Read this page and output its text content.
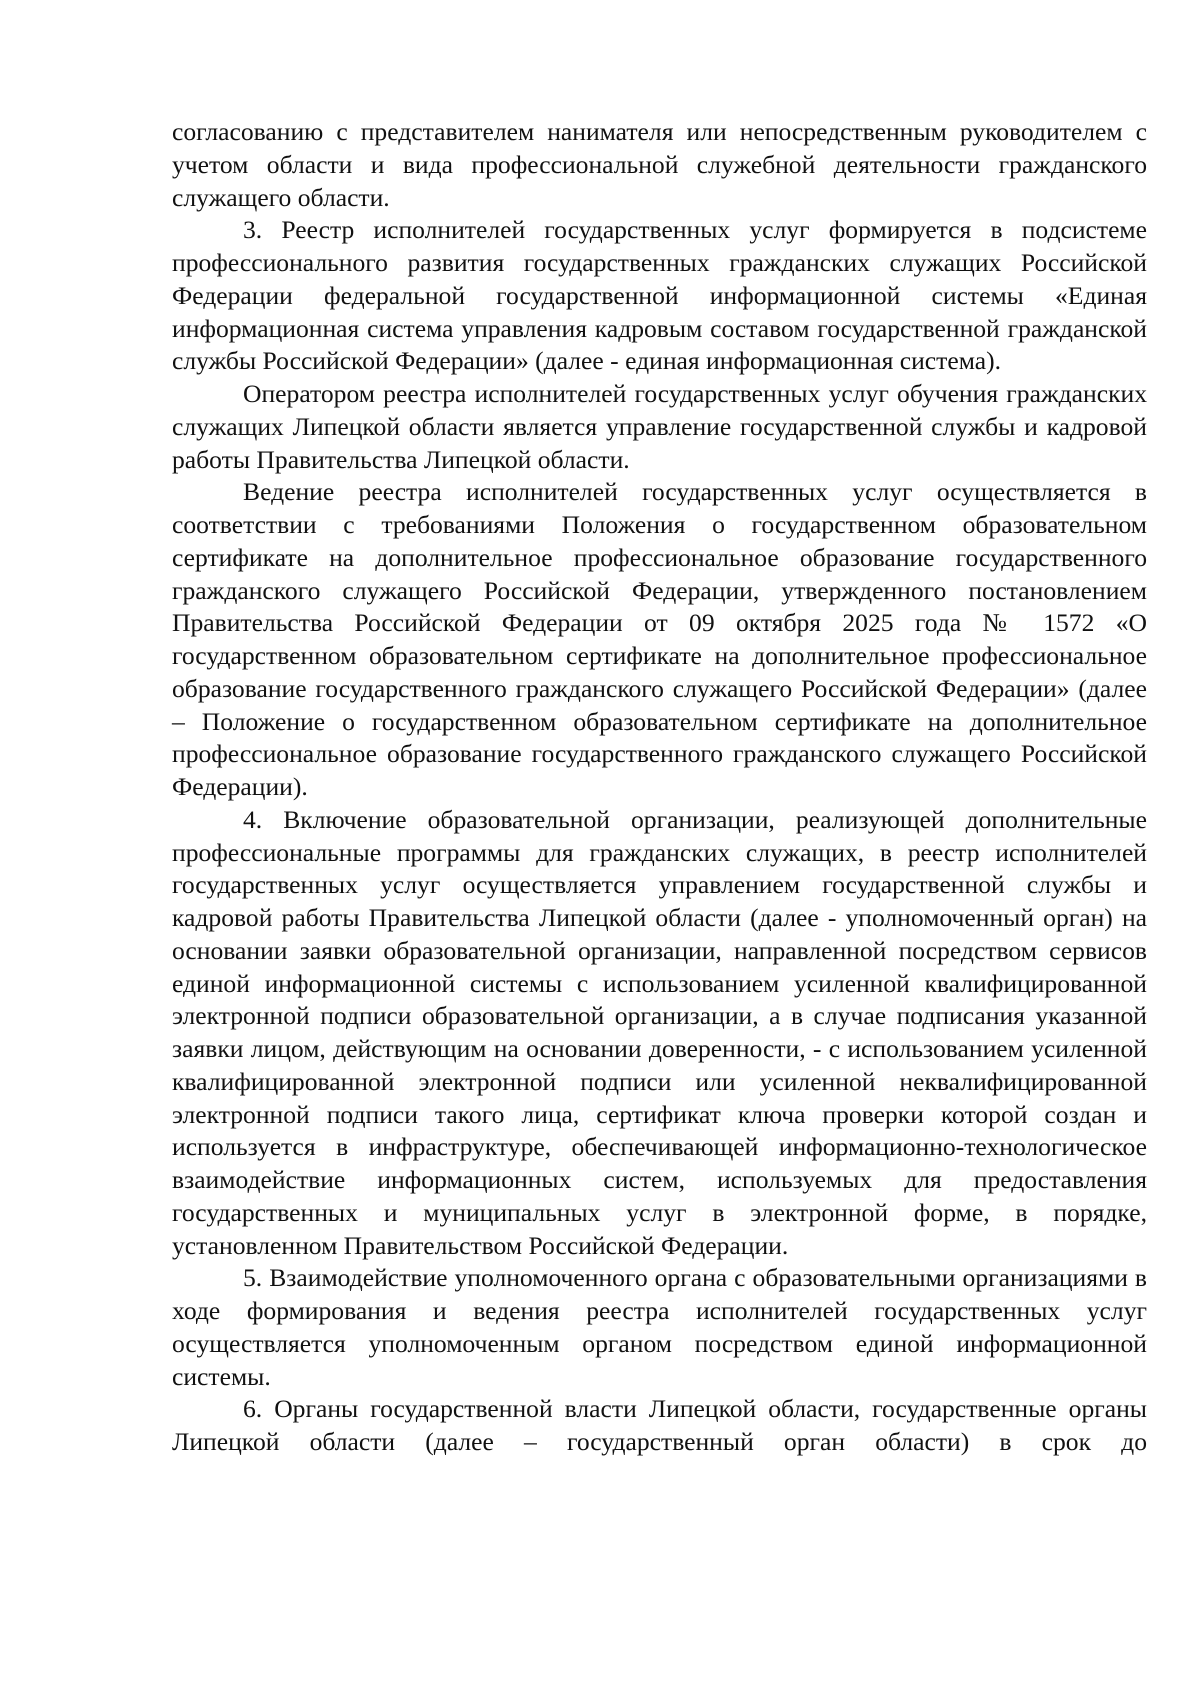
согласованию с представителем нанимателя или непосредственным руководителем с учетом области и вида профессиональной служебной деятельности гражданского служащего области.

3. Реестр исполнителей государственных услуг формируется в подсистеме профессионального развития государственных гражданских служащих Российской Федерации федеральной государственной информационной системы «Единая информационная система управления кадровым составом государственной гражданской службы Российской Федерации» (далее - единая информационная система).

Оператором реестра исполнителей государственных услуг обучения гражданских служащих Липецкой области является управление государственной службы и кадровой работы Правительства Липецкой области.

Ведение реестра исполнителей государственных услуг осуществляется в соответствии с требованиями Положения о государственном образовательном сертификате на дополнительное профессиональное образование государственного гражданского служащего Российской Федерации, утвержденного постановлением Правительства Российской Федерации от 09 октября 2025 года № 1572 «О государственном образовательном сертификате на дополнительное профессиональное образование государственного гражданского служащего Российской Федерации» (далее – Положение о государственном образовательном сертификате на дополнительное профессиональное образование государственного гражданского служащего Российской Федерации).

4. Включение образовательной организации, реализующей дополнительные профессиональные программы для гражданских служащих, в реестр исполнителей государственных услуг осуществляется управлением государственной службы и кадровой работы Правительства Липецкой области (далее - уполномоченный орган) на основании заявки образовательной организации, направленной посредством сервисов единой информационной системы с использованием усиленной квалифицированной электронной подписи образовательной организации, а в случае подписания указанной заявки лицом, действующим на основании доверенности, - с использованием усиленной квалифицированной электронной подписи или усиленной неквалифицированной электронной подписи такого лица, сертификат ключа проверки которой создан и используется в инфраструктуре, обеспечивающей информационно-технологическое взаимодействие информационных систем, используемых для предоставления государственных и муниципальных услуг в электронной форме, в порядке, установленном Правительством Российской Федерации.

5. Взаимодействие уполномоченного органа с образовательными организациями в ходе формирования и ведения реестра исполнителей государственных услуг осуществляется уполномоченным органом посредством единой информационной системы.

6. Органы государственной власти Липецкой области, государственные органы Липецкой области (далее – государственный орган области) в срок до
